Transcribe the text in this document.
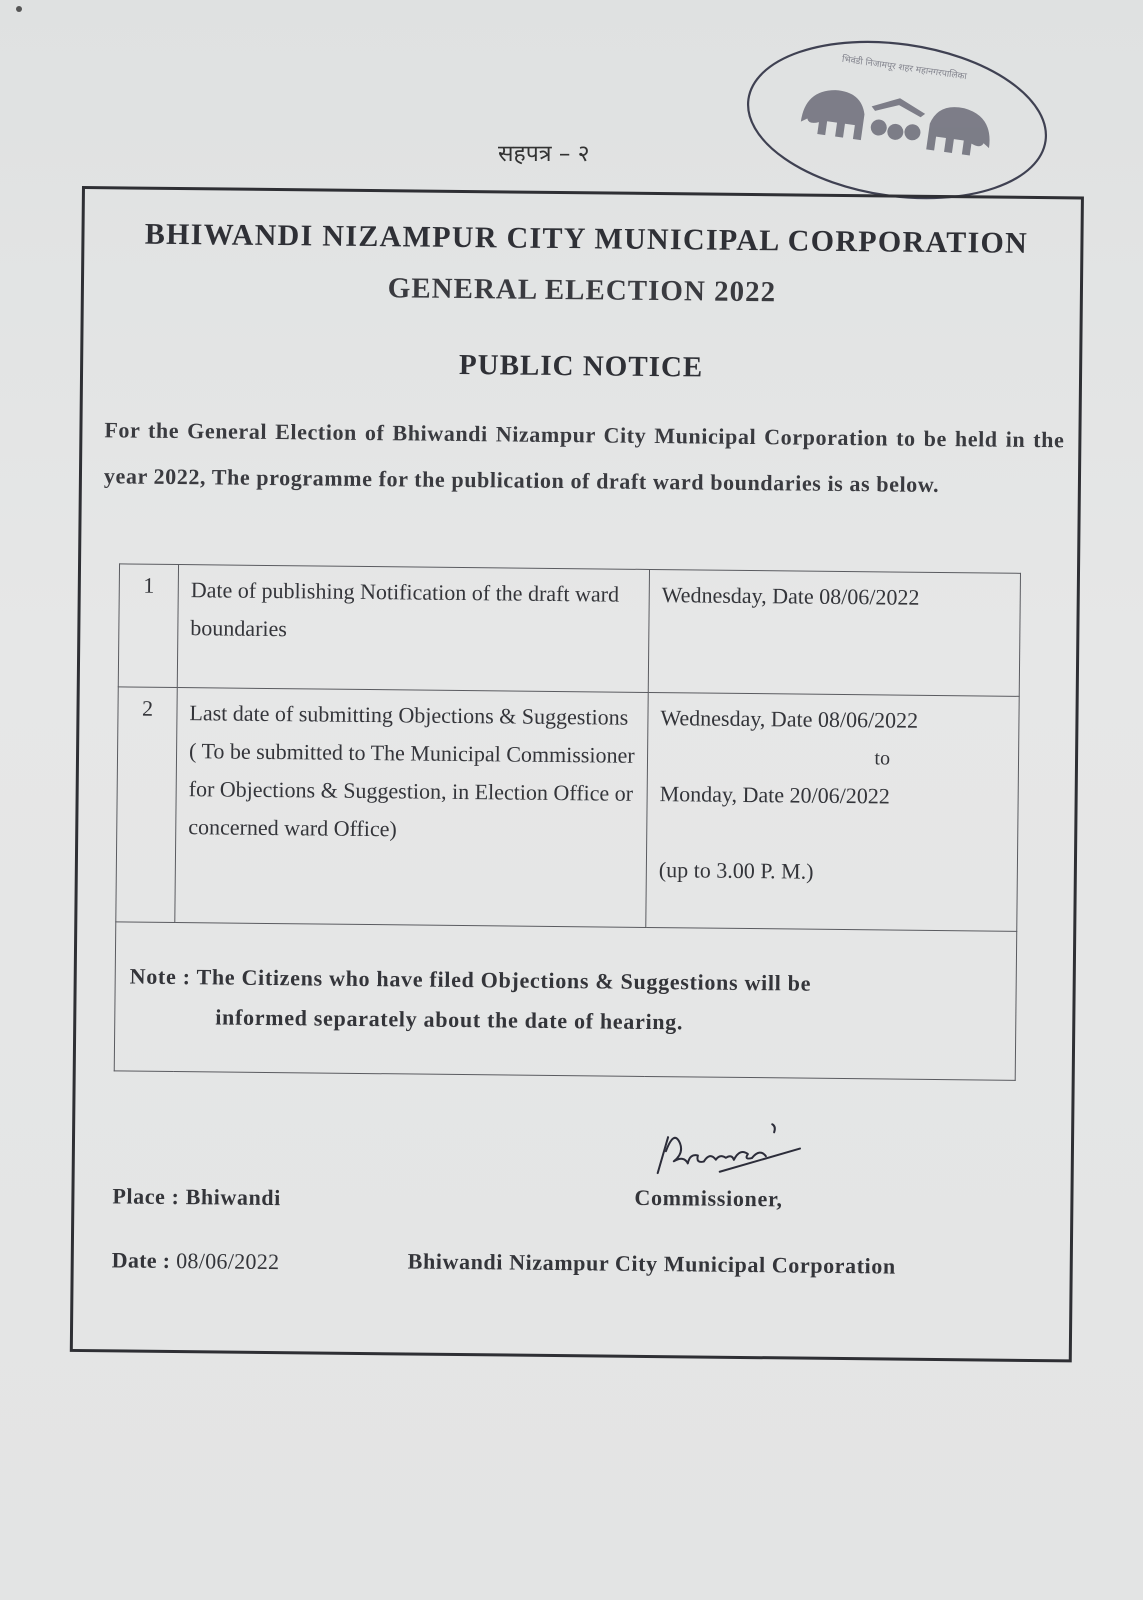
सहपत्र – २
भिवंडी निजामपूर शहर महानगरपालिका
BHIWANDI NIZAMPUR CITY MUNICIPAL CORPORATION
GENERAL ELECTION 2022
PUBLIC NOTICE
For the General Election of Bhiwandi Nizampur City Municipal Corporation to be held in the year 2022, The programme for the publication of draft ward boundaries is as below.
1	Date of publishing Notification of the draft ward boundaries	Wednesday, Date 08/06/2022
2	Last date of submitting Objections & Suggestions ( To be submitted to The Municipal Commissioner for Objections & Suggestion, in Election Office or concerned ward Office)	Wednesday, Date 08/06/2022
to
Monday, Date 20/06/2022
(up to 3.00 P. M.)

Note : The Citizens who have filed Objections & Suggestions will be
informed separately about the date of hearing.		
Place : Bhiwandi
Date : 08/06/2022
Commissioner,
Bhiwandi Nizampur City Municipal Corporation
